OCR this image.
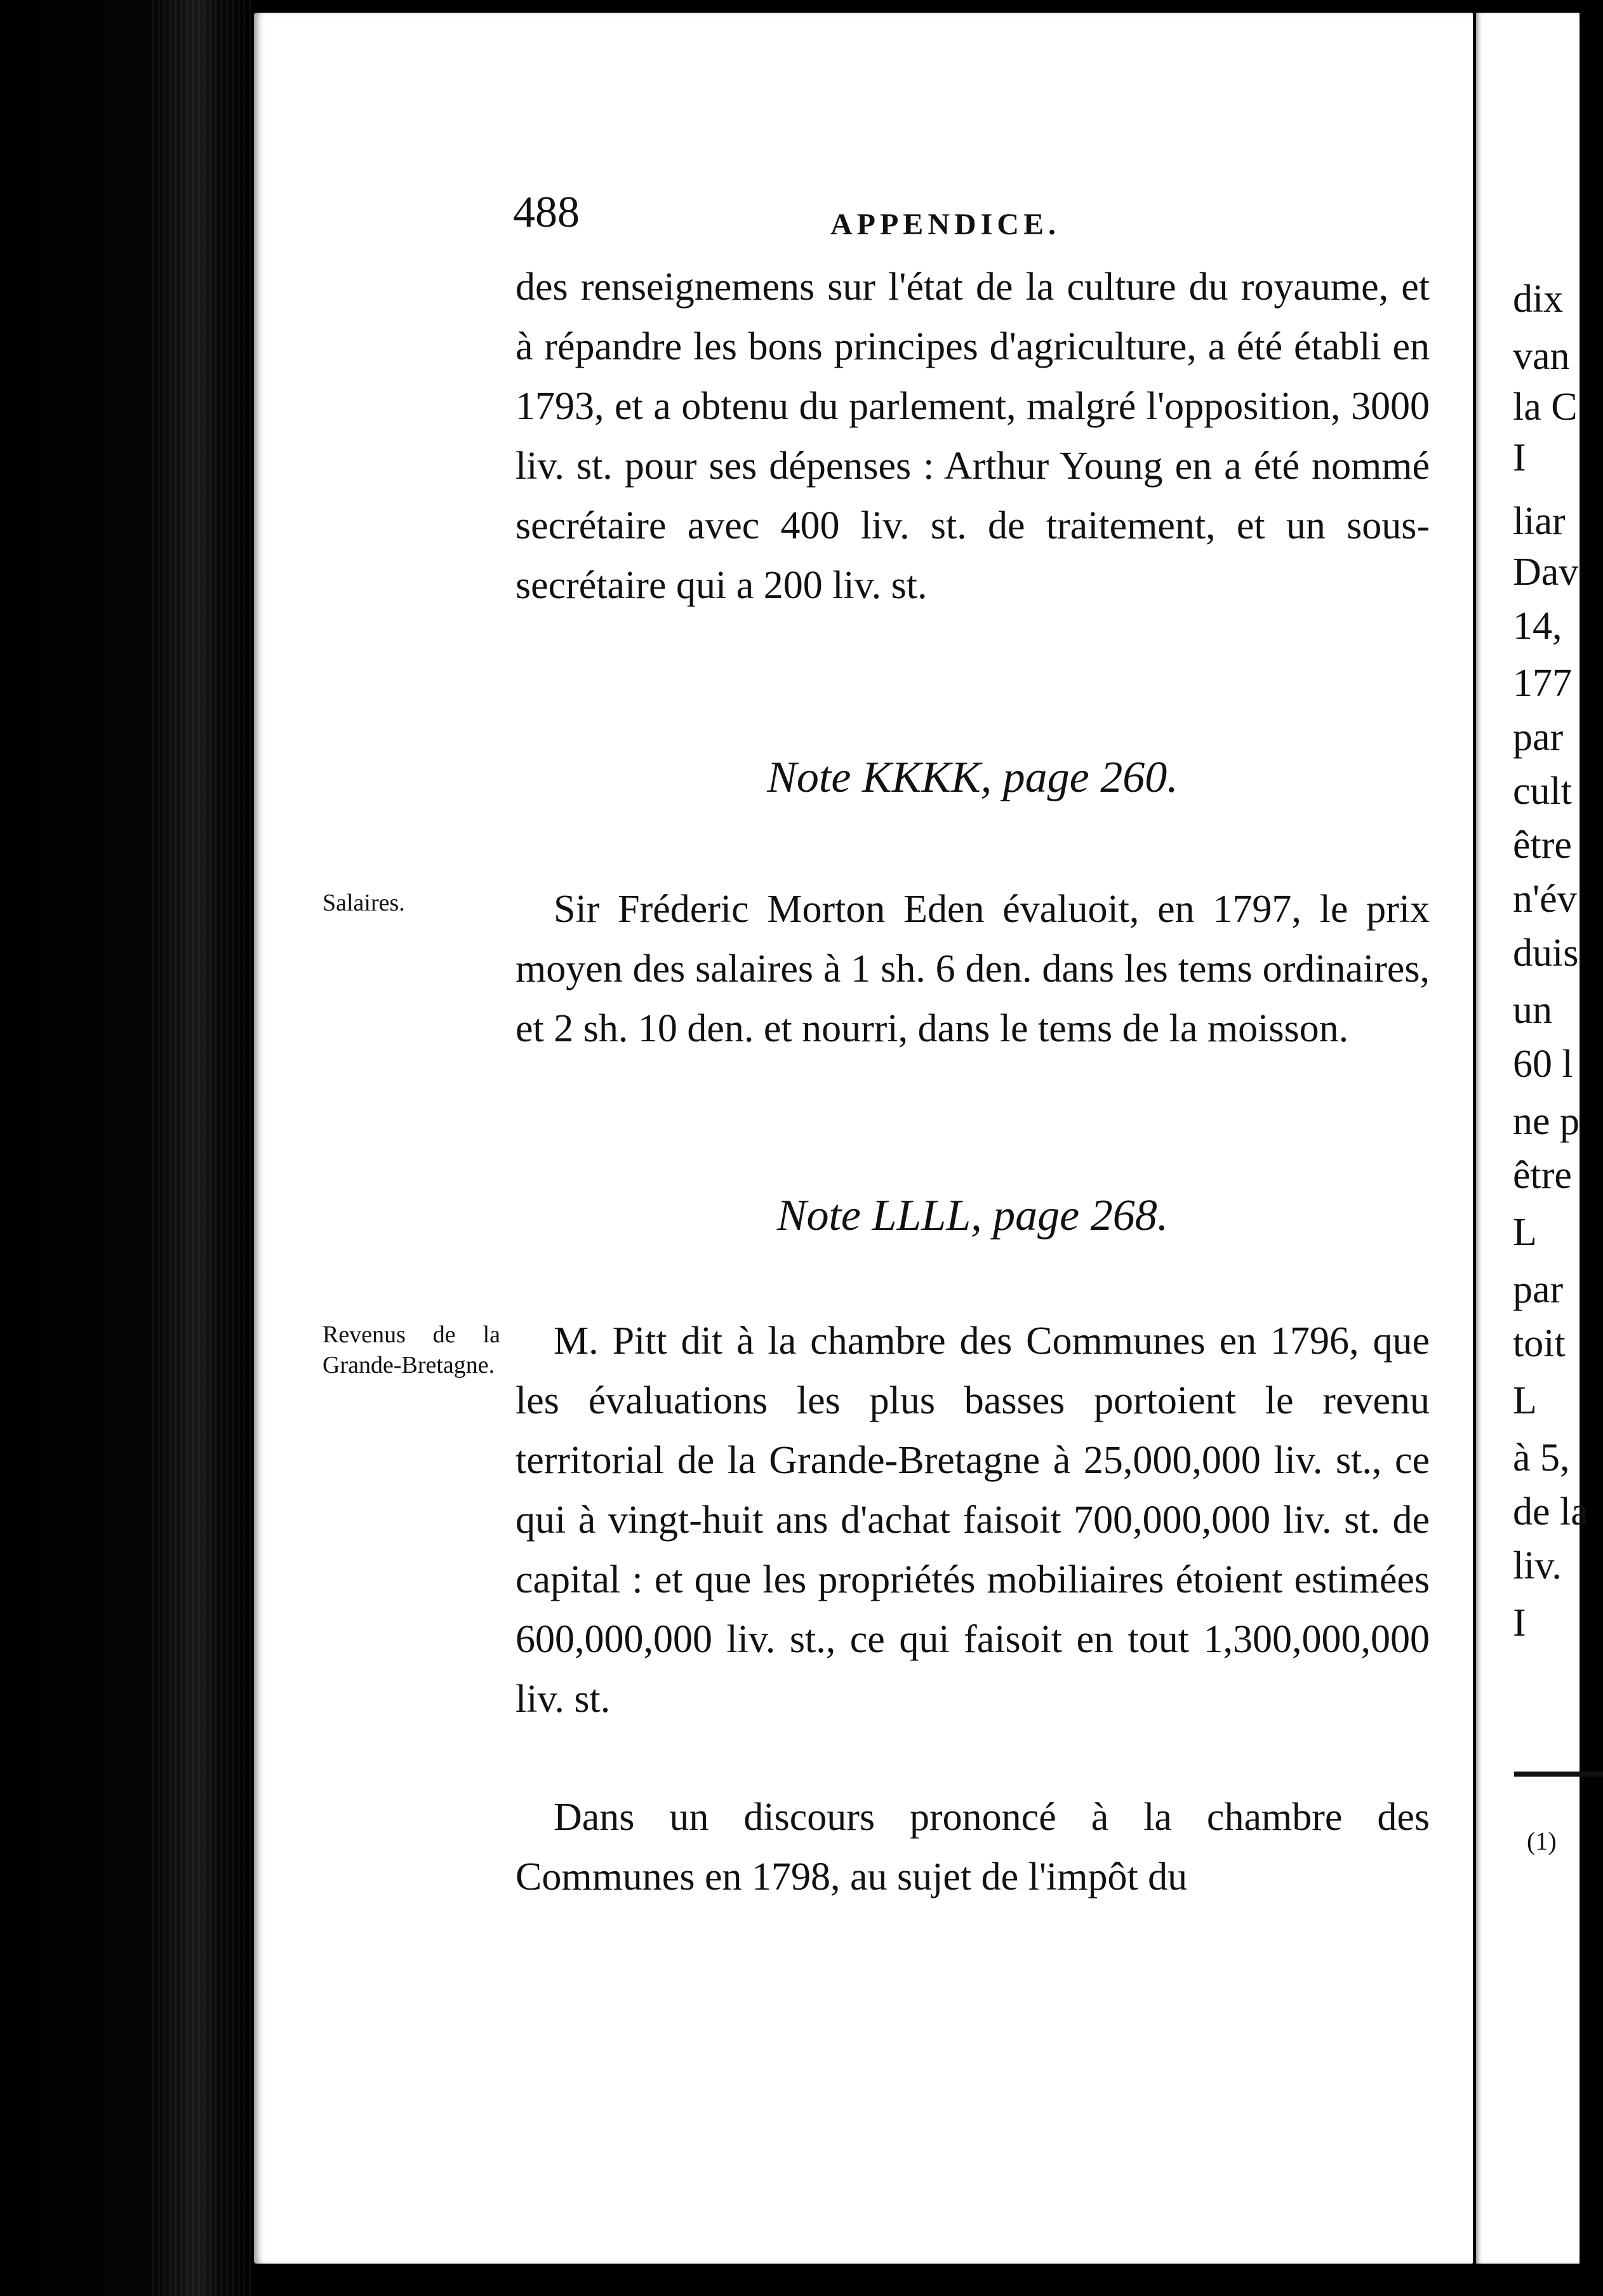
dix
van
la C
I
liar
Dav
14,
177
par
cult
être
n'év
duis
un
60 l
ne p
être
L
par
toit
L
à 5,
de la
liv.
I
(1)
488	APPENDICE.
des renseignemens sur l'état de la culture du royaume, et à répandre les bons principes d'agriculture, a été établi en 1793, et a obtenu du parlement, malgré l'opposition, 3000 liv. st. pour ses dépenses : Arthur Young en a été nommé secrétaire avec 400 liv. st. de traitement, et un sous-secrétaire qui a 200 liv. st.
Note KKKK, page 260.
Salaires.	Sir Fréderic Morton Eden évaluoit, en 1797, le prix moyen des salaires à 1 sh. 6 den. dans les tems ordinaires, et 2 sh. 10 den. et nourri, dans le tems de la moisson.
Note LLLL, page 268.
Revenus de la Grande-Bretagne.
M. Pitt dit à la chambre des Communes en 1796, que les évaluations les plus basses portoient le revenu territorial de la Grande-Bretagne à 25,000,000 liv. st., ce qui à vingt-huit ans d'achat faisoit 700,000,000 liv. st. de capital : et que les propriétés mobiliaires étoient estimées 600,000,000 liv. st., ce qui faisoit en tout 1,300,000,000 liv. st.
Dans un discours prononcé à la chambre des Communes en 1798, au sujet de l'impôt du
